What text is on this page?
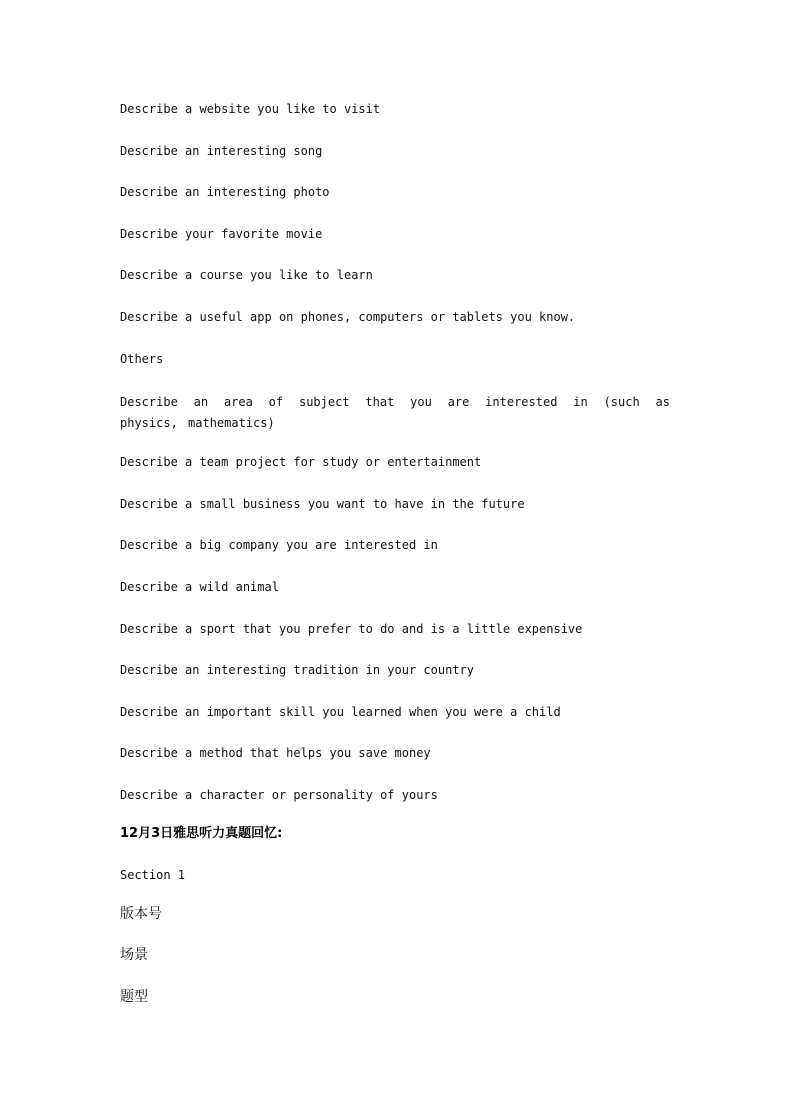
Describe a website you like to visit

Describe an interesting song

Describe an interesting photo

Describe your favorite movie

Describe a course you like to learn

Describe a useful app on phones, computers or tablets you know.

Others

Describe an area of subject that you are interested in (such as physics, mathematics)

Describe a team project for study or entertainment

Describe a small business you want to have in the future

Describe a big company you are interested in

Describe a wild animal

Describe a sport that you prefer to do and is a little expensive

Describe an interesting tradition in your country

Describe an important skill you learned when you were a child

Describe a method that helps you save money

Describe a character or personality of yours

12月3日雅思听力真题回忆:

Section 1

版本号

场景

题型
